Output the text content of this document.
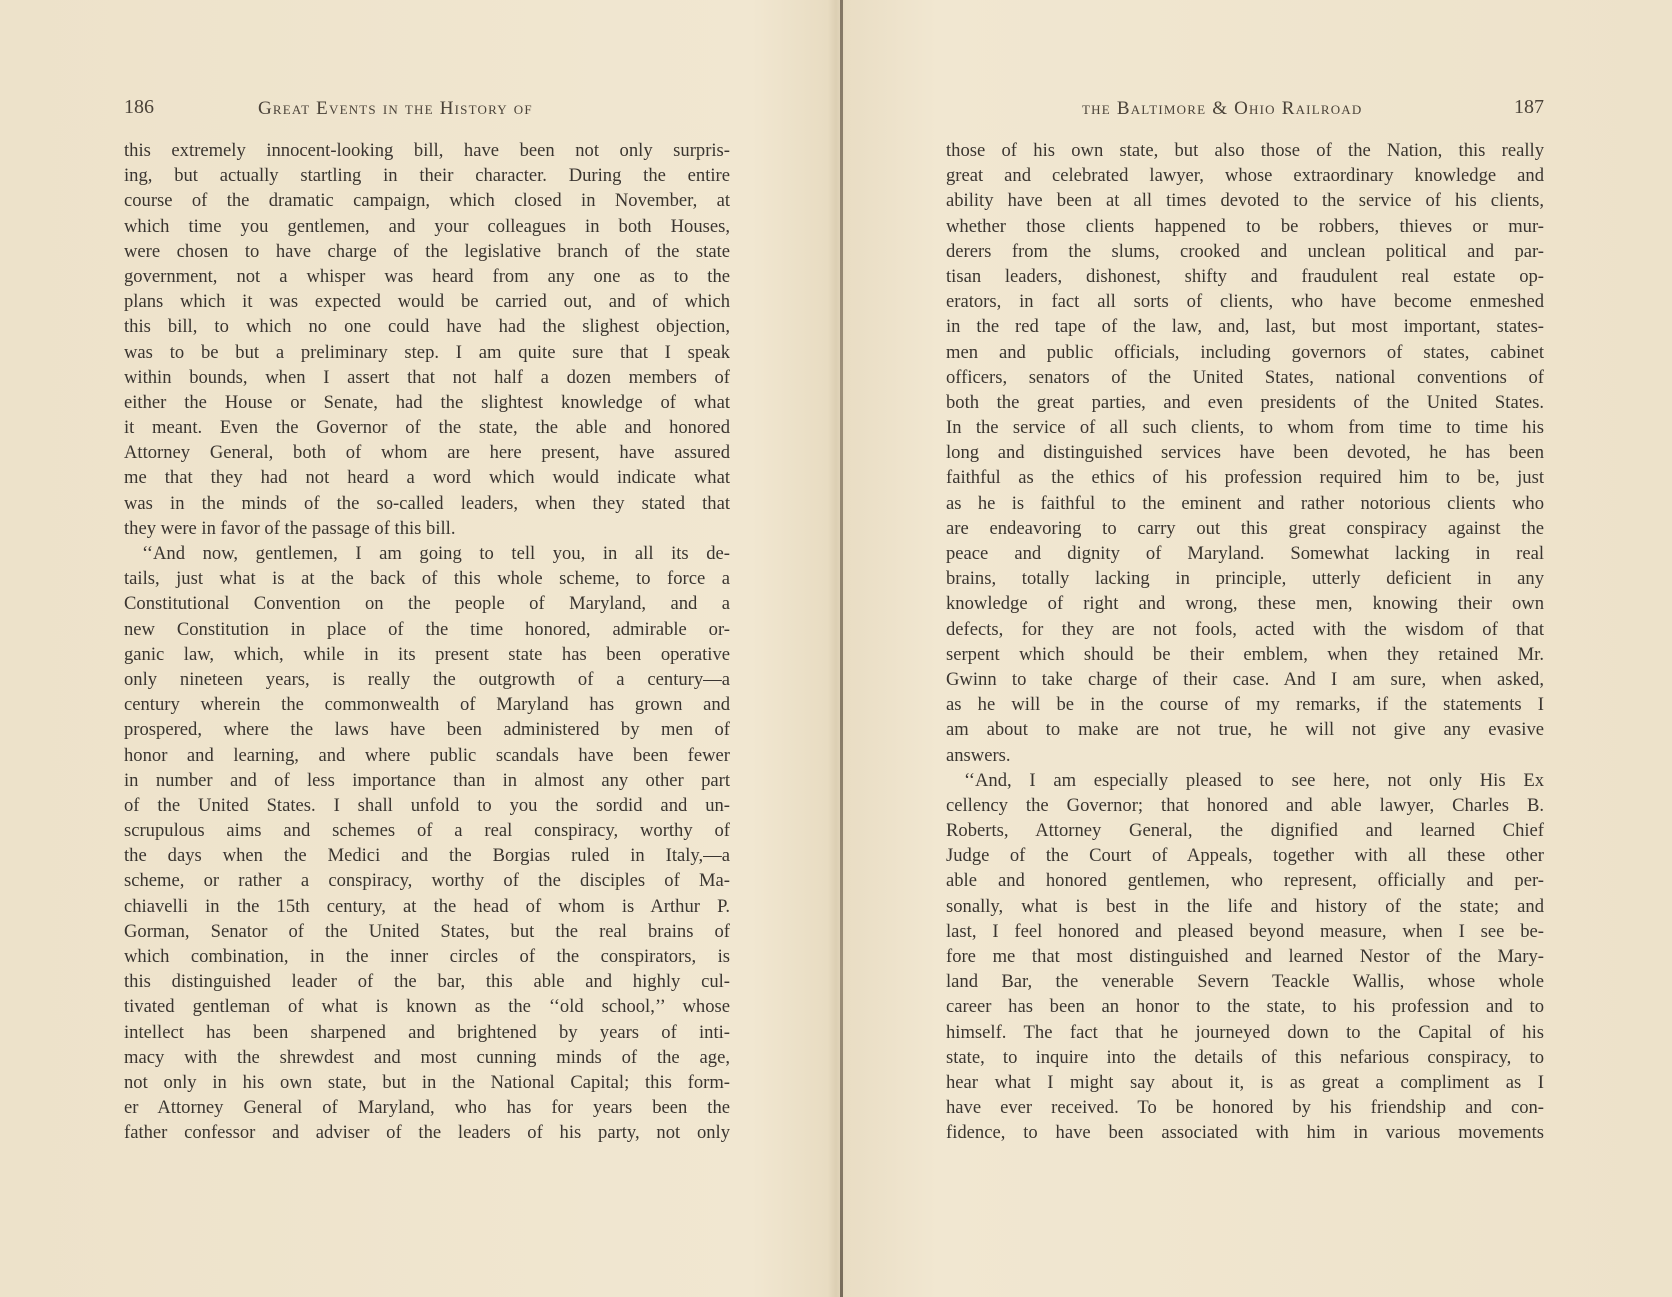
186	Great Events in the History of
this extremely innocent-looking bill, have been not only surpris-
ing, but actually startling in their character. During the entire
course of the dramatic campaign, which closed in November, at
which time you gentlemen, and your colleagues in both Houses,
were chosen to have charge of the legislative branch of the state
government, not a whisper was heard from any one as to the
plans which it was expected would be carried out, and of which
this bill, to which no one could have had the slighest objection,
was to be but a preliminary step. I am quite sure that I speak
within bounds, when I assert that not half a dozen members of
either the House or Senate, had the slightest knowledge of what
it meant. Even the Governor of the state, the able and honored
Attorney General, both of whom are here present, have assured
me that they had not heard a word which would indicate what
was in the minds of the so-called leaders, when they stated that
they were in favor of the passage of this bill.
‘‘And now, gentlemen, I am going to tell you, in all its de-
tails, just what is at the back of this whole scheme, to force a
Constitutional Convention on the people of Maryland, and a
new Constitution in place of the time honored, admirable or-
ganic law, which, while in its present state has been operative
only nineteen years, is really the outgrowth of a century—a
century wherein the commonwealth of Maryland has grown and
prospered, where the laws have been administered by men of
honor and learning, and where public scandals have been fewer
in number and of less importance than in almost any other part
of the United States. I shall unfold to you the sordid and un-
scrupulous aims and schemes of a real conspiracy, worthy of
the days when the Medici and the Borgias ruled in Italy,—a
scheme, or rather a conspiracy, worthy of the disciples of Ma-
chiavelli in the 15th century, at the head of whom is Arthur P.
Gorman, Senator of the United States, but the real brains of
which combination, in the inner circles of the conspirators, is
this distinguished leader of the bar, this able and highly cul-
tivated gentleman of what is known as the ‘‘old school,’’ whose
intellect has been sharpened and brightened by years of inti-
macy with the shrewdest and most cunning minds of the age,
not only in his own state, but in the National Capital; this form-
er Attorney General of Maryland, who has for years been the
father confessor and adviser of the leaders of his party, not only
the Baltimore & Ohio Railroad	187
those of his own state, but also those of the Nation, this really
great and celebrated lawyer, whose extraordinary knowledge and
ability have been at all times devoted to the service of his clients,
whether those clients happened to be robbers, thieves or mur-
derers from the slums, crooked and unclean political and par-
tisan leaders, dishonest, shifty and fraudulent real estate op-
erators, in fact all sorts of clients, who have become enmeshed
in the red tape of the law, and, last, but most important, states-
men and public officials, including governors of states, cabinet
officers, senators of the United States, national conventions of
both the great parties, and even presidents of the United States.
In the service of all such clients, to whom from time to time his
long and distinguished services have been devoted, he has been
faithful as the ethics of his profession required him to be, just
as he is faithful to the eminent and rather notorious clients who
are endeavoring to carry out this great conspiracy against the
peace and dignity of Maryland. Somewhat lacking in real
brains, totally lacking in principle, utterly deficient in any
knowledge of right and wrong, these men, knowing their own
defects, for they are not fools, acted with the wisdom of that
serpent which should be their emblem, when they retained Mr.
Gwinn to take charge of their case. And I am sure, when asked,
as he will be in the course of my remarks, if the statements I
am about to make are not true, he will not give any evasive
answers.
‘‘And, I am especially pleased to see here, not only His Ex
cellency the Governor; that honored and able lawyer, Charles B.
Roberts, Attorney General, the dignified and learned Chief
Judge of the Court of Appeals, together with all these other
able and honored gentlemen, who represent, officially and per-
sonally, what is best in the life and history of the state; and
last, I feel honored and pleased beyond measure, when I see be-
fore me that most distinguished and learned Nestor of the Mary-
land Bar, the venerable Severn Teackle Wallis, whose whole
career has been an honor to the state, to his profession and to
himself. The fact that he journeyed down to the Capital of his
state, to inquire into the details of this nefarious conspiracy, to
hear what I might say about it, is as great a compliment as I
have ever received. To be honored by his friendship and con-
fidence, to have been associated with him in various movements
